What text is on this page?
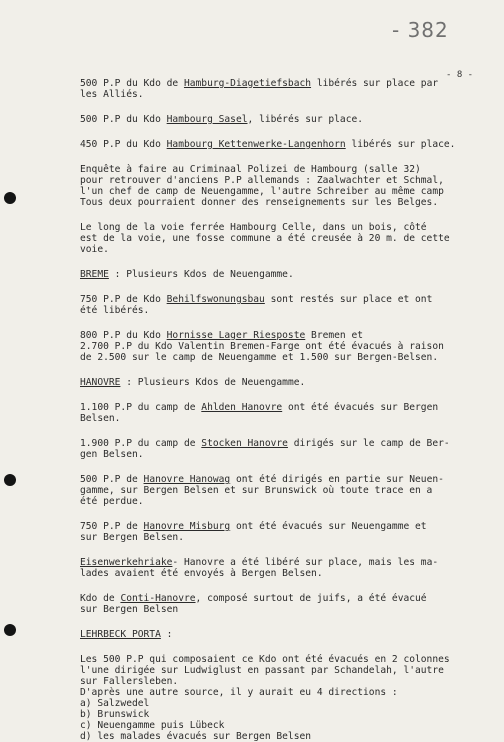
- 382
- 8 -

500 P.P du Kdo de Hamburg-Diagetiefsbach libérés sur place par
les Alliés.

500 P.P du Kdo Hambourg Sasel, libérés sur place.

450 P.P du Kdo Hambourg Kettenwerke-Langenhorn libérés sur place.

Enquête à faire au Criminaal Polizei de Hambourg (salle 32)
pour retrouver d'anciens P.P allemands : Zaalwachter et Schmal,
l'un chef de camp de Neuengamme, l'autre Schreiber au même camp
Tous deux pourraient donner des renseignements sur les Belges.

Le long de la voie ferrée Hambourg Celle, dans un bois, côté
est de la voie, une fosse commune a été creusée à 20 m. de cette
voie.

BREME : Plusieurs Kdos de Neuengamme.

750 P.P de Kdo Behilfswonungsbau sont restés sur place et ont
été libérés.

800 P.P du Kdo Hornisse Lager Riesposte Bremen et
2.700 P.P du Kdo Valentin Bremen-Farge ont été évacués à raison
de 2.500 sur le camp de Neuengamme et 1.500 sur Bergen-Belsen.

HANOVRE : Plusieurs Kdos de Neuengamme.

1.100 P.P du camp de Ahlden Hanovre ont été évacués sur Bergen
Belsen.

1.900 P.P du camp de Stocken Hanovre dirigés sur le camp de Ber-
gen Belsen.

500 P.P de Hanovre Hanowag ont été dirigés en partie sur Neuen-
gamme, sur Bergen Belsen et sur Brunswick où toute trace en a
été perdue.

750 P.P de Hanovre Misburg ont été évacués sur Neuengamme et
sur Bergen Belsen.

Eisenwerkehriake- Hanovre a été libéré sur place, mais les ma-
lades avaient été envoyés à Bergen Belsen.

Kdo de Conti-Hanovre, composé surtout de juifs, a été évacué
sur Bergen Belsen

LEHRBECK PORTA :

Les 500 P.P qui composaient ce Kdo ont été évacués en 2 colonnes
l'une dirigée sur Ludwiglust en passant par Schandelah, l'autre
sur Fallersleben.
D'après une autre source, il y aurait eu 4 directions :
a) Salzwedel
b) Brunswick
c) Neuengamme puis Lübeck
d) les malades évacués sur Bergen Belsen
